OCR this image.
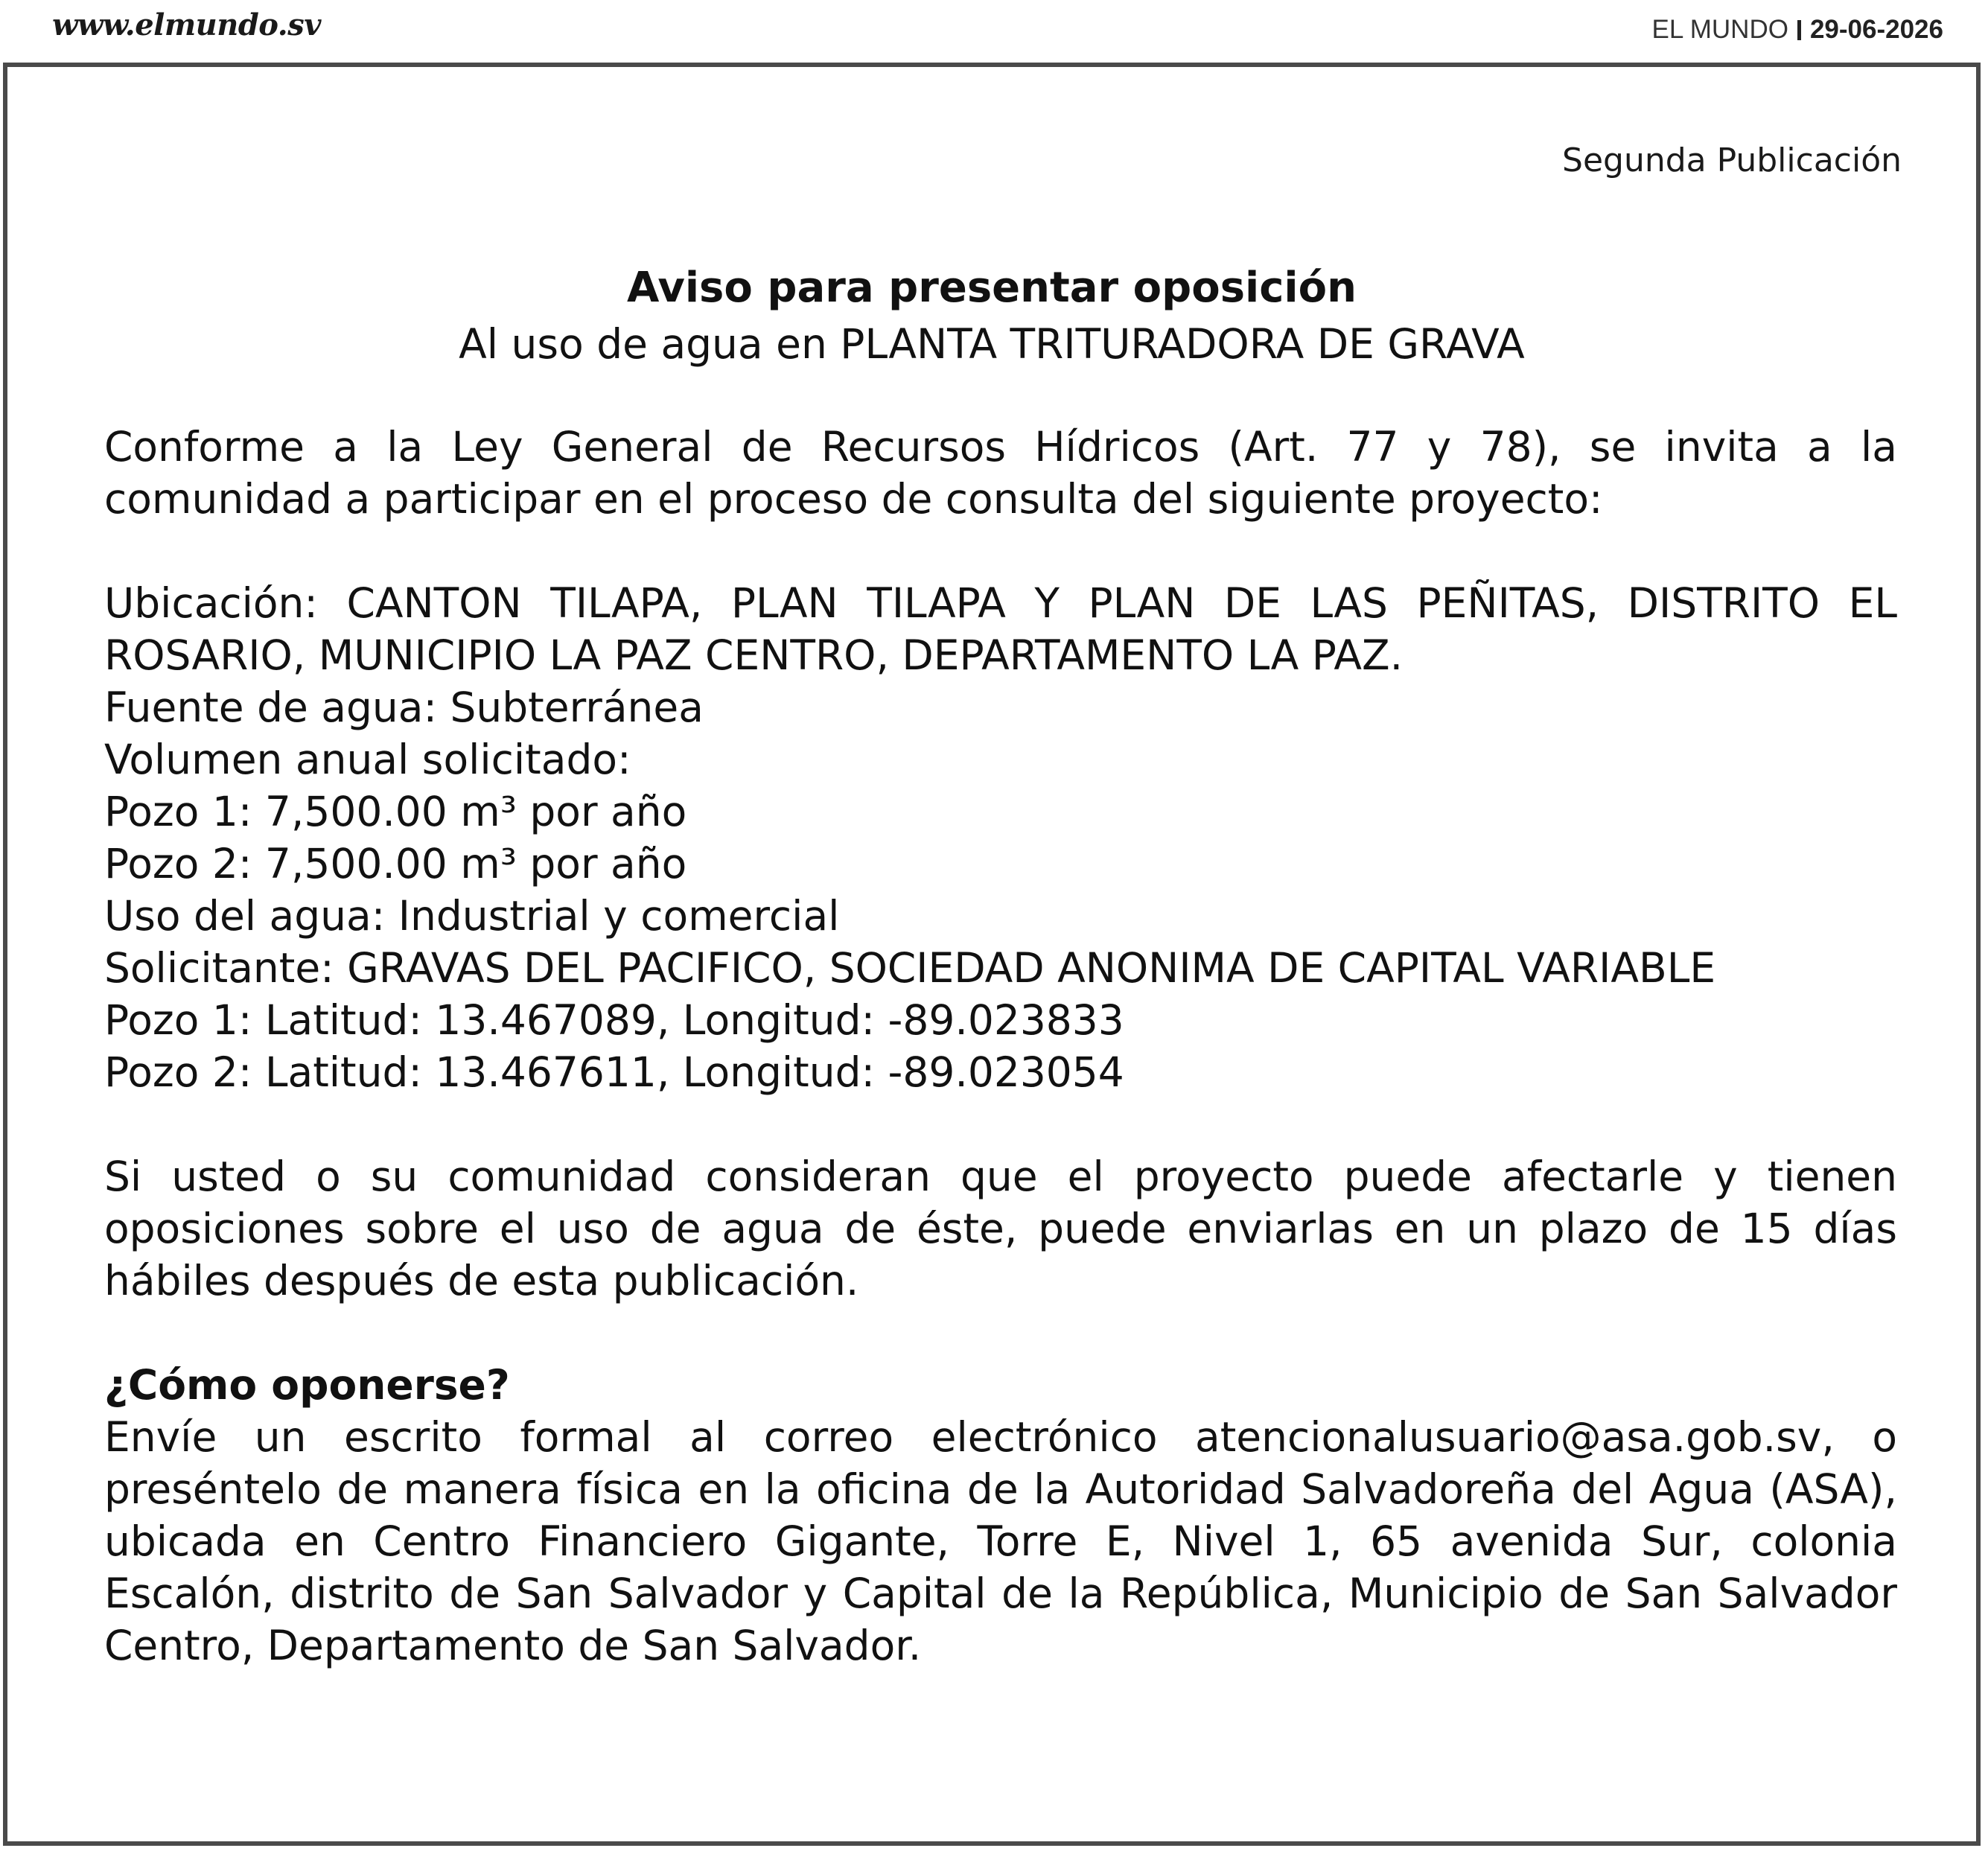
www.elmundo.sv	EL MUNDO 29-06-2026
Segunda Publicación
Aviso para presentar oposición
Al uso de agua en PLANTA TRITURADORA DE GRAVA
Conforme a la Ley General de Recursos Hídricos (Art. 77 y 78), se invita a la comunidad a participar en el proceso de consulta del siguiente proyecto:
Ubicación: CANTON TILAPA, PLAN TILAPA Y PLAN DE LAS PEÑITAS, DISTRITO EL ROSARIO, MUNICIPIO LA PAZ CENTRO, DEPARTAMENTO LA PAZ.
Fuente de agua: Subterránea
Volumen anual solicitado:
Pozo 1: 7,500.00 m³ por año
Pozo 2: 7,500.00 m³ por año
Uso del agua: Industrial y comercial
Solicitante: GRAVAS DEL PACIFICO, SOCIEDAD ANONIMA DE CAPITAL VARIABLE
Pozo 1: Latitud: 13.467089, Longitud: -89.023833
Pozo 2: Latitud: 13.467611, Longitud: -89.023054
Si usted o su comunidad consideran que el proyecto puede afectarle y tienen oposiciones sobre el uso de agua de éste, puede enviarlas en un plazo de 15 días hábiles después de esta publicación.
¿Cómo oponerse?
Envíe un escrito formal al correo electrónico atencionalusuario@asa.gob.sv, o preséntelo de manera física en la oficina de la Autoridad Salvadoreña del Agua (ASA), ubicada en Centro Financiero Gigante, Torre E, Nivel 1, 65 avenida Sur, colonia Escalón, distrito de San Salvador y Capital de la República, Municipio de San Salvador Centro, Departamento de San Salvador.
